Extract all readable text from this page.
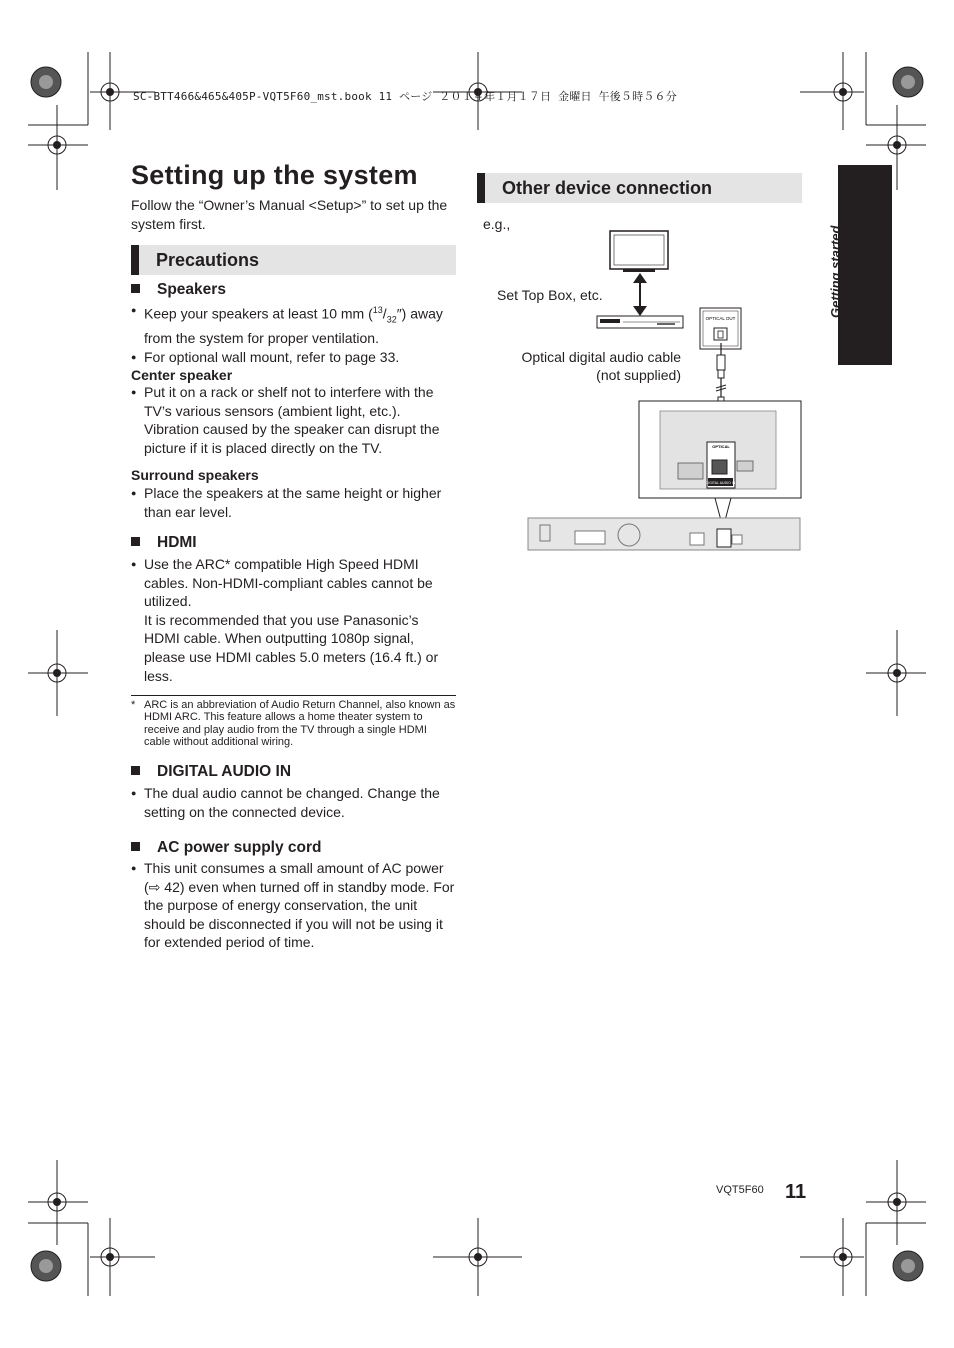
SC-BTT466&465&405P-VQT5F60_mst.book 11 ページ ２０１４年１月１７日 金曜日 午後５時５６分
Setting up the system
Follow the “Owner’s Manual <Setup>” to set up the system first.
Precautions
Speakers
● Keep your speakers at least 10 mm $(^{13}/_{32}'')$ away from the system for proper ventilation.
● For optional wall mount, refer to page 33.
Center speaker
● Put it on a rack or shelf not to interfere with the TV’s various sensors (ambient light, etc.). Vibration caused by the speaker can disrupt the picture if it is placed directly on the TV.
Surround speakers
● Place the speakers at the same height or higher than ear level.
HDMI
● Use the ARC* compatible High Speed HDMI cables. Non-HDMI-compliant cables cannot be utilized.
It is recommended that you use Panasonic’s HDMI cable. When outputting 1080p signal, please use HDMI cables 5.0 meters (16.4 ft.) or less.
* ARC is an abbreviation of Audio Return Channel, also known as HDMI ARC. This feature allows a home theater system to receive and play audio from the TV through a single HDMI cable without additional wiring.
DIGITAL AUDIO IN
● The dual audio cannot be changed. Change the setting on the connected device.
AC power supply cord
● This unit consumes a small amount of AC power (⇨ 42) even when turned off in standby mode. For the purpose of energy conservation, the unit should be disconnected if you will not be using it for extended period of time.
Other device connection
e.g.,
Set Top Box, etc.
Optical digital audio cable
(not supplied)
OPTICAL OUT
OPTICAL
DIGITAL AUDIO IN
Getting started
VQT5F60 11
